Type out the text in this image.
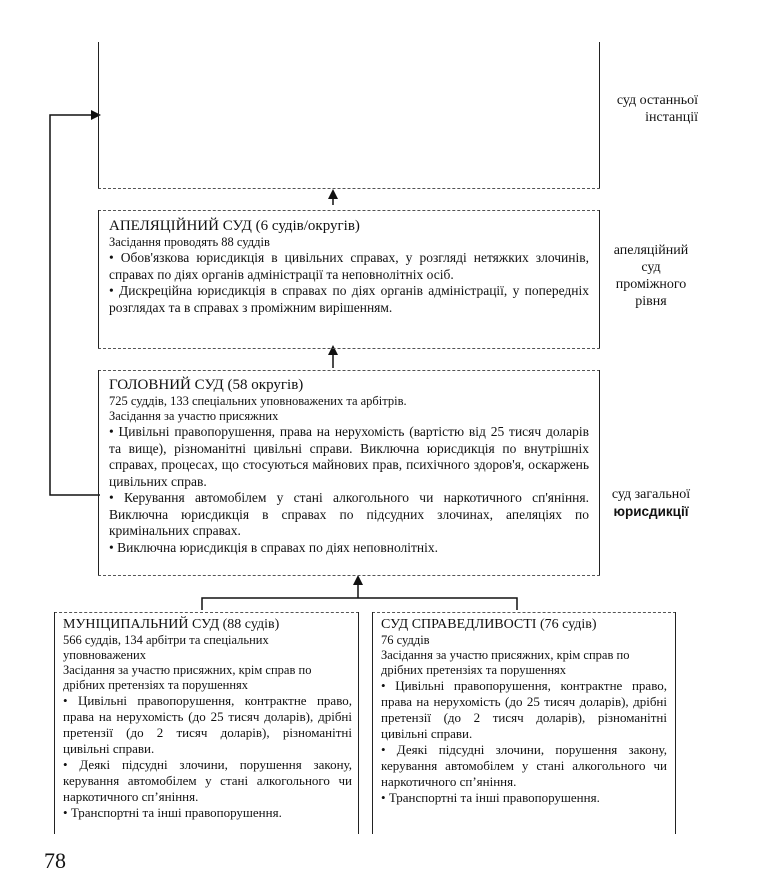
суд останньої
інстанції

АПЕЛЯЦІЙНИЙ СУД (6 судів/округів)

Засідання проводять 88 суддів

• Обов'язкова юрисдикція в цивільних справах, у розгляді нетяжких злочинів, справах по діях органів адміністрації та неповнолітніх осіб.

• Дискреційна юрисдикція в справах по діях органів адміністрації, у попередніх розглядах та в справах з проміжним вирішенням.

апеляційний
суд
проміжного
рівня

ГОЛОВНИЙ СУД (58 округів)

725 суддів, 133 спеціальних уповноважених та арбітрів.

Засідання за участю присяжних

• Цивільні правопорушення, права на нерухомість (вартістю від 25 тисяч доларів та вище), різноманітні цивільні справи. Виключна юрисдикція по внутрішніх справах, процесах, що стосуються майнових прав, психічного здоров'я, оскаржень цивільних справ.

• Керування автомобілем у стані алкогольного чи наркотичного сп'яніння. Виключна юрисдикція в справах по підсудних злочинах, апеляціях по кримінальних справах.

• Виключна юрисдикція в справах по діях неповнолітніх.

суд загальної
юрисдикції

МУНІЦИПАЛЬНИЙ СУД (88 судів)

566 суддів, 134 арбітри та спеціальних уповноважених

Засідання за участю присяжних, крім справ по дрібних претензіях та порушеннях

• Цивільні правопорушення, контрактне право, права на нерухомість (до 25 тисяч доларів), дрібні претензії (до 2 тисяч доларів), різноманітні цивільні справи.

• Деякі підсудні злочини, порушення закону, керування автомобілем у стані алкогольного чи наркотичного сп’яніння.

• Транспортні та інші правопорушення.

СУД СПРАВЕДЛИВОСТІ (76 судів)

76 суддів

Засідання за участю присяжних, крім справ по дрібних претензіях та порушеннях

• Цивільні правопорушення, контрактне право, права на нерухомість (до 25 тисяч доларів), дрібні претензії (до 2 тисяч доларів), різноманітні цивільні справи.

• Деякі підсудні злочини, порушення закону, керування автомобілем у стані алкогольного чи наркотичного сп’яніння.

• Транспортні та інші правопорушення.

78
